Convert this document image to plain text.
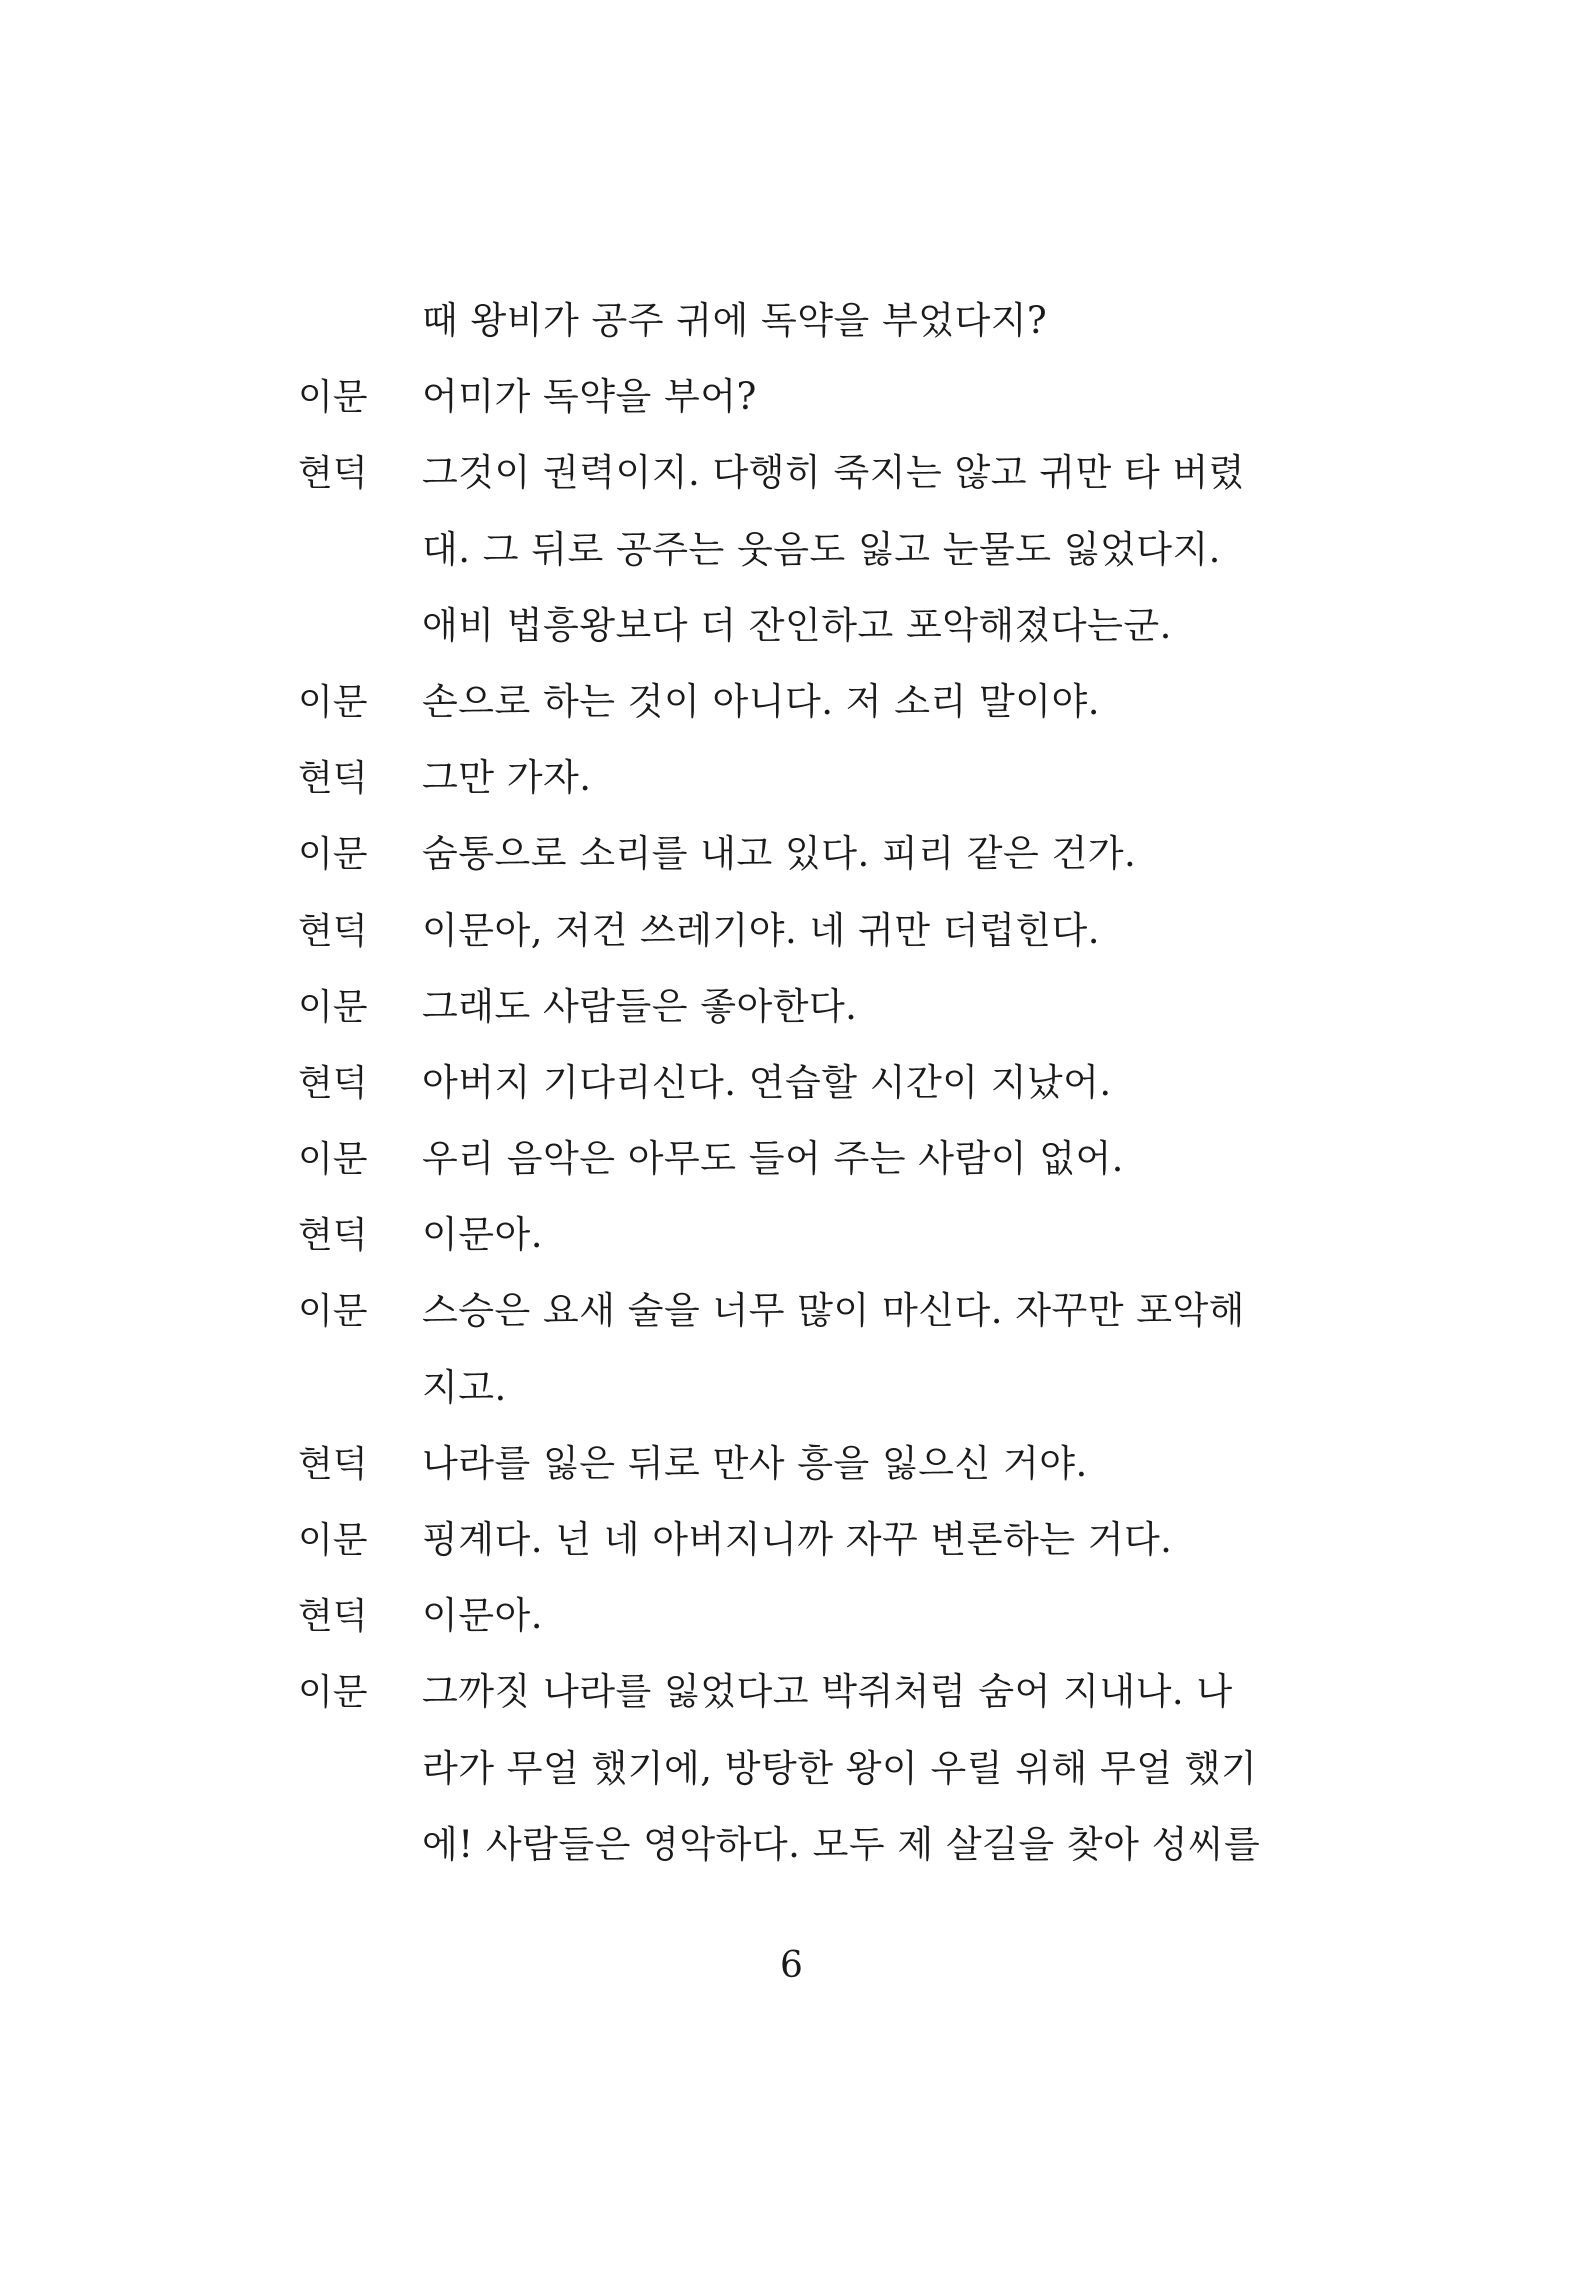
때 왕비가 공주 귀에 독약을 부었다지?
이문	어미가 독약을 부어?
현덕	그것이 권력이지. 다행히 죽지는 않고 귀만 타 버렸
대. 그 뒤로 공주는 웃음도 잃고 눈물도 잃었다지.
애비 법흥왕보다 더 잔인하고 포악해졌다는군.
이문	손으로 하는 것이 아니다. 저 소리 말이야.
현덕	그만 가자.
이문	숨통으로 소리를 내고 있다. 피리 같은 건가.
현덕	이문아, 저건 쓰레기야. 네 귀만 더럽힌다.
이문	그래도 사람들은 좋아한다.
현덕	아버지 기다리신다. 연습할 시간이 지났어.
이문	우리 음악은 아무도 들어 주는 사람이 없어.
현덕	이문아.
이문	스승은 요새 술을 너무 많이 마신다. 자꾸만 포악해
지고.
현덕	나라를 잃은 뒤로 만사 흥을 잃으신 거야.
이문	핑계다. 넌 네 아버지니까 자꾸 변론하는 거다.
현덕	이문아.
이문	그까짓 나라를 잃었다고 박쥐처럼 숨어 지내나. 나
라가 무얼 했기에, 방탕한 왕이 우릴 위해 무얼 했기
에! 사람들은 영악하다. 모두 제 살길을 찾아 성씨를
6
